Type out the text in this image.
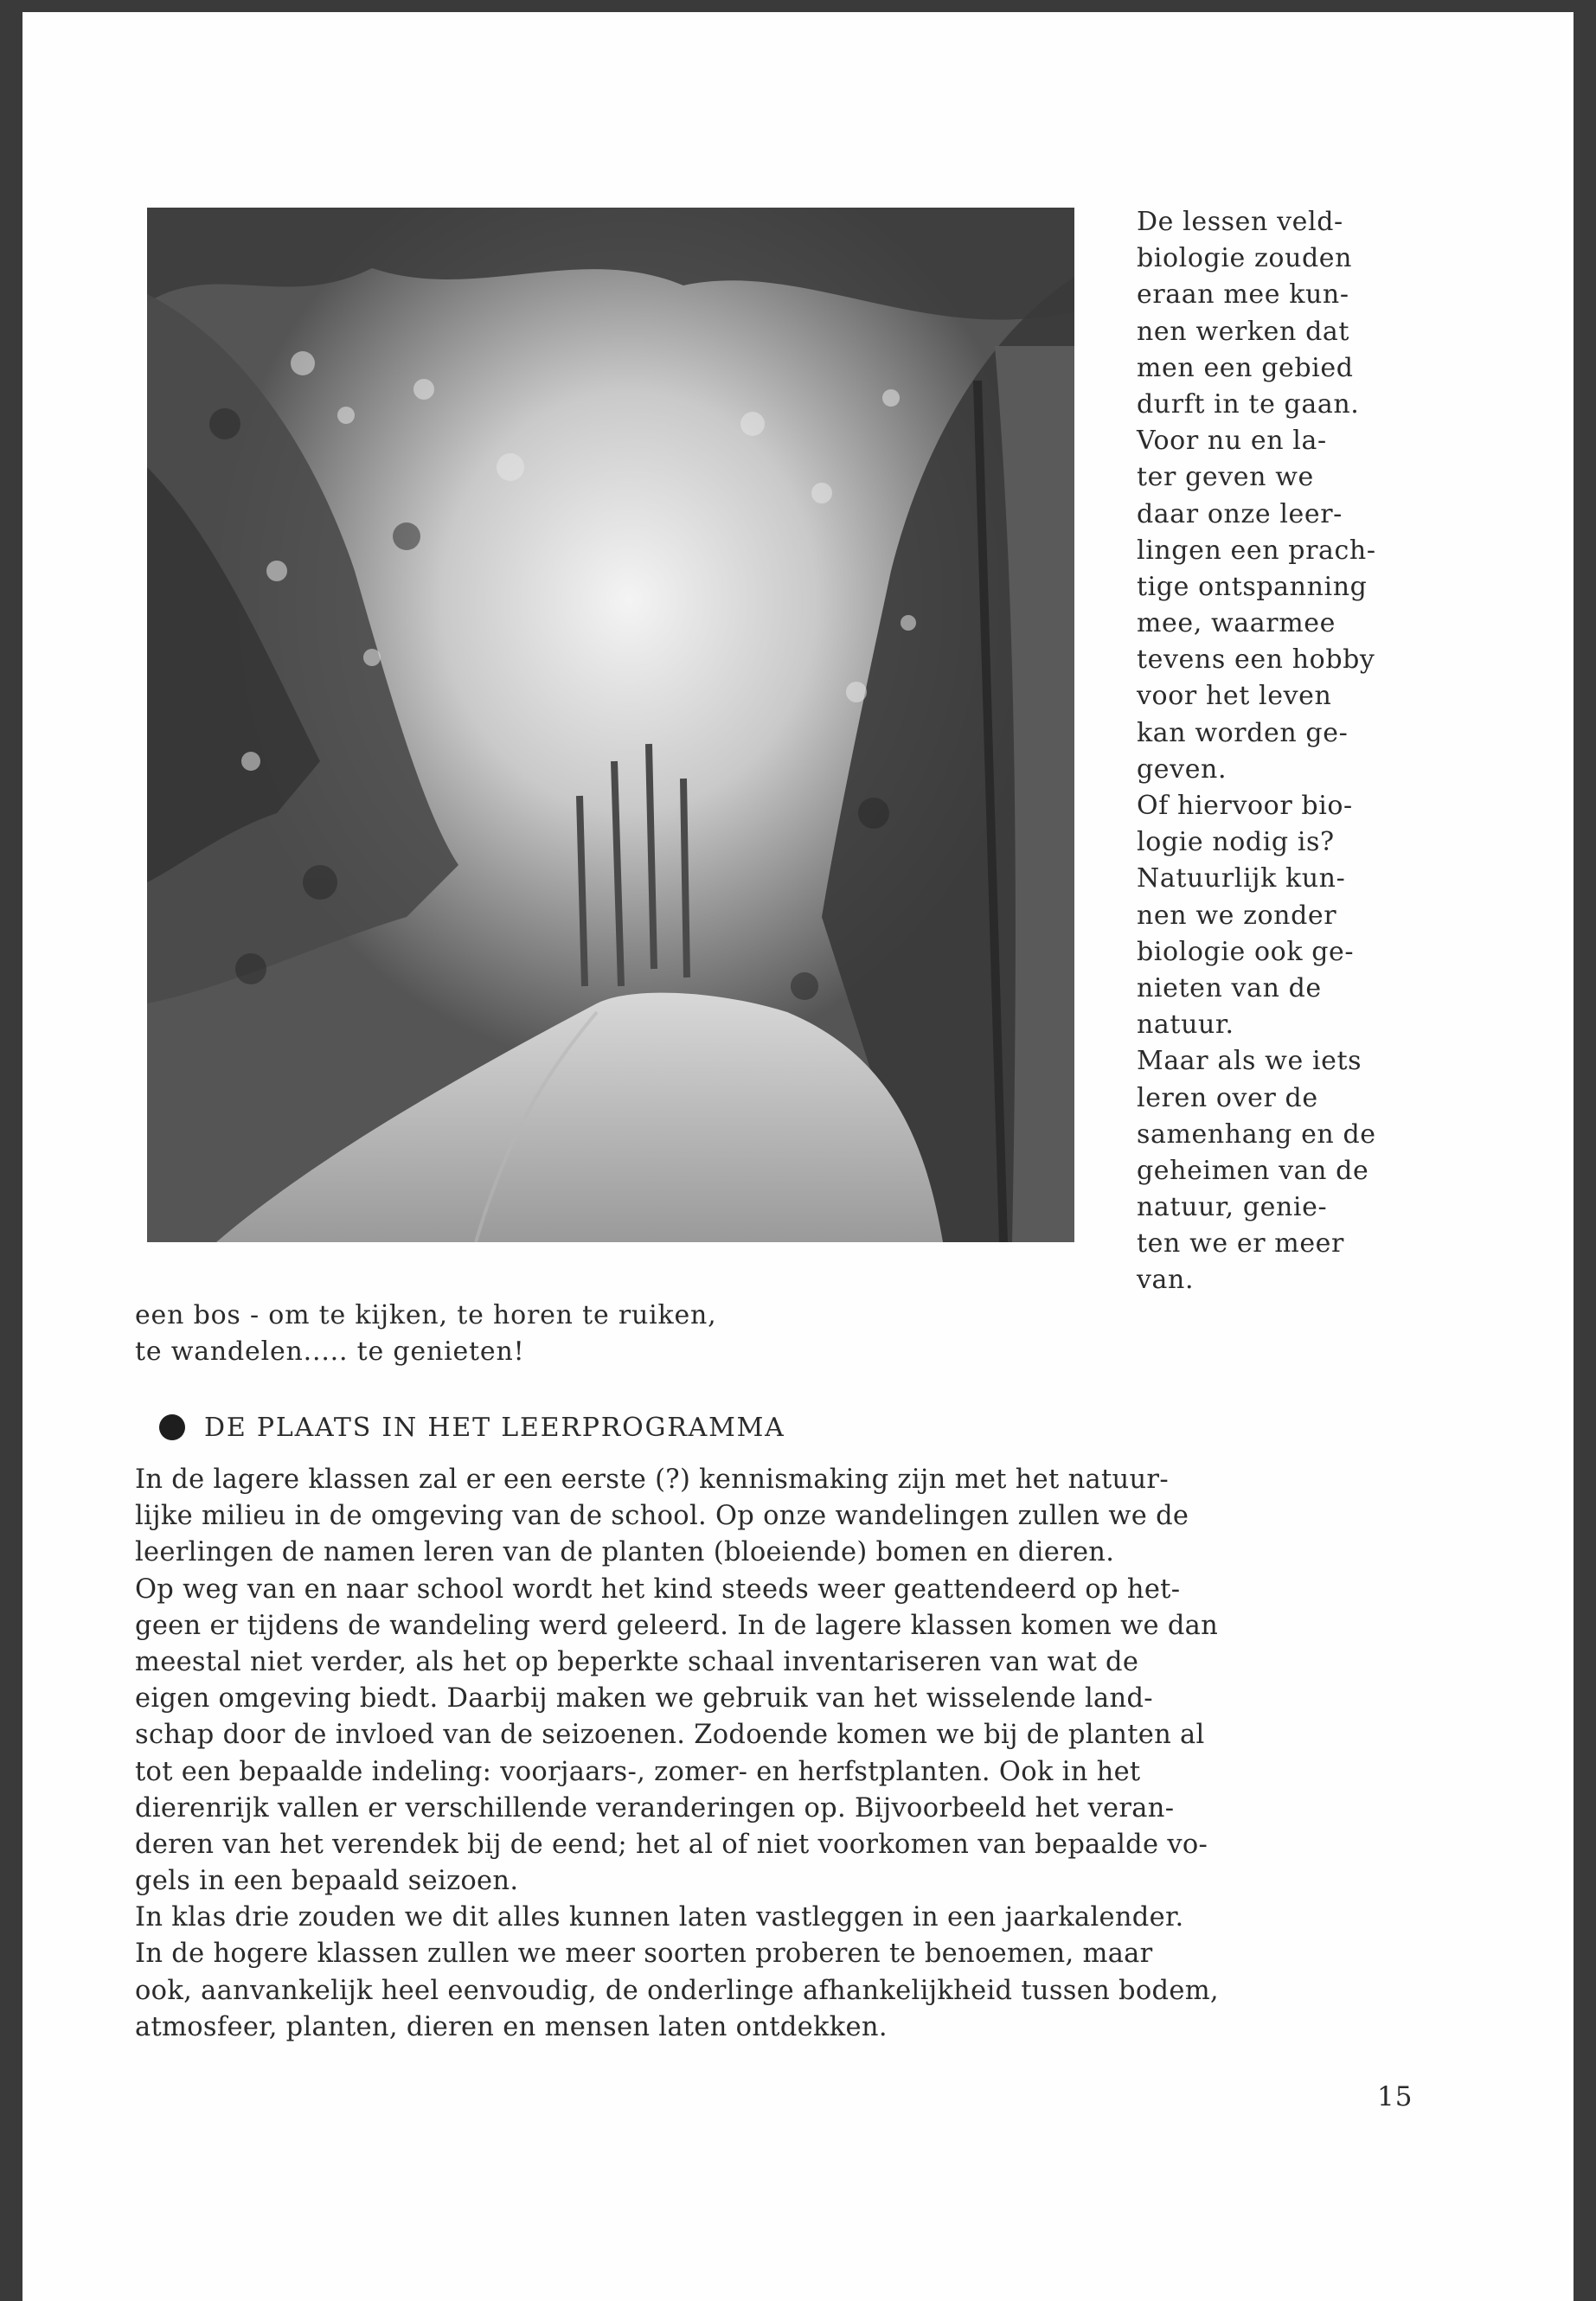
De lessen veld-
biologie zouden
eraan mee kun-
nen werken dat
men een gebied
durft in te gaan.
Voor nu en la-
ter geven we
daar onze leer-
lingen een prach-
tige ontspanning
mee, waarmee
tevens een hobby
voor het leven
kan worden ge-
geven.
Of hiervoor bio-
logie nodig is?
Natuurlijk kun-
nen we zonder
biologie ook ge-
nieten van de
natuur.
Maar als we iets
leren over de
samenhang en de
geheimen van de
natuur, genie-
ten we er meer
van.
een bos - om te kijken, te horen te ruiken,
te wandelen..... te genieten!
DE PLAATS IN HET LEERPROGRAMMA
In de lagere klassen zal er een eerste (?) kennismaking zijn met het natuur-
lijke milieu in de omgeving van de school. Op onze wandelingen zullen we de
leerlingen de namen leren van de planten (bloeiende) bomen en dieren.
Op weg van en naar school wordt het kind steeds weer geattendeerd op het-
geen er tijdens de wandeling werd geleerd. In de lagere klassen komen we dan
meestal niet verder, als het op beperkte schaal inventariseren van wat de
eigen omgeving biedt. Daarbij maken we gebruik van het wisselende land-
schap door de invloed van de seizoenen. Zodoende komen we bij de planten al
tot een bepaalde indeling: voorjaars-, zomer- en herfstplanten. Ook in het
dierenrijk vallen er verschillende veranderingen op. Bijvoorbeeld het veran-
deren van het verendek bij de eend; het al of niet voorkomen van bepaalde vo-
gels in een bepaald seizoen.
In klas drie zouden we dit alles kunnen laten vastleggen in een jaarkalender.
In de hogere klassen zullen we meer soorten proberen te benoemen, maar
ook, aanvankelijk heel eenvoudig, de onderlinge afhankelijkheid tussen bodem,
atmosfeer, planten, dieren en mensen laten ontdekken.
15
